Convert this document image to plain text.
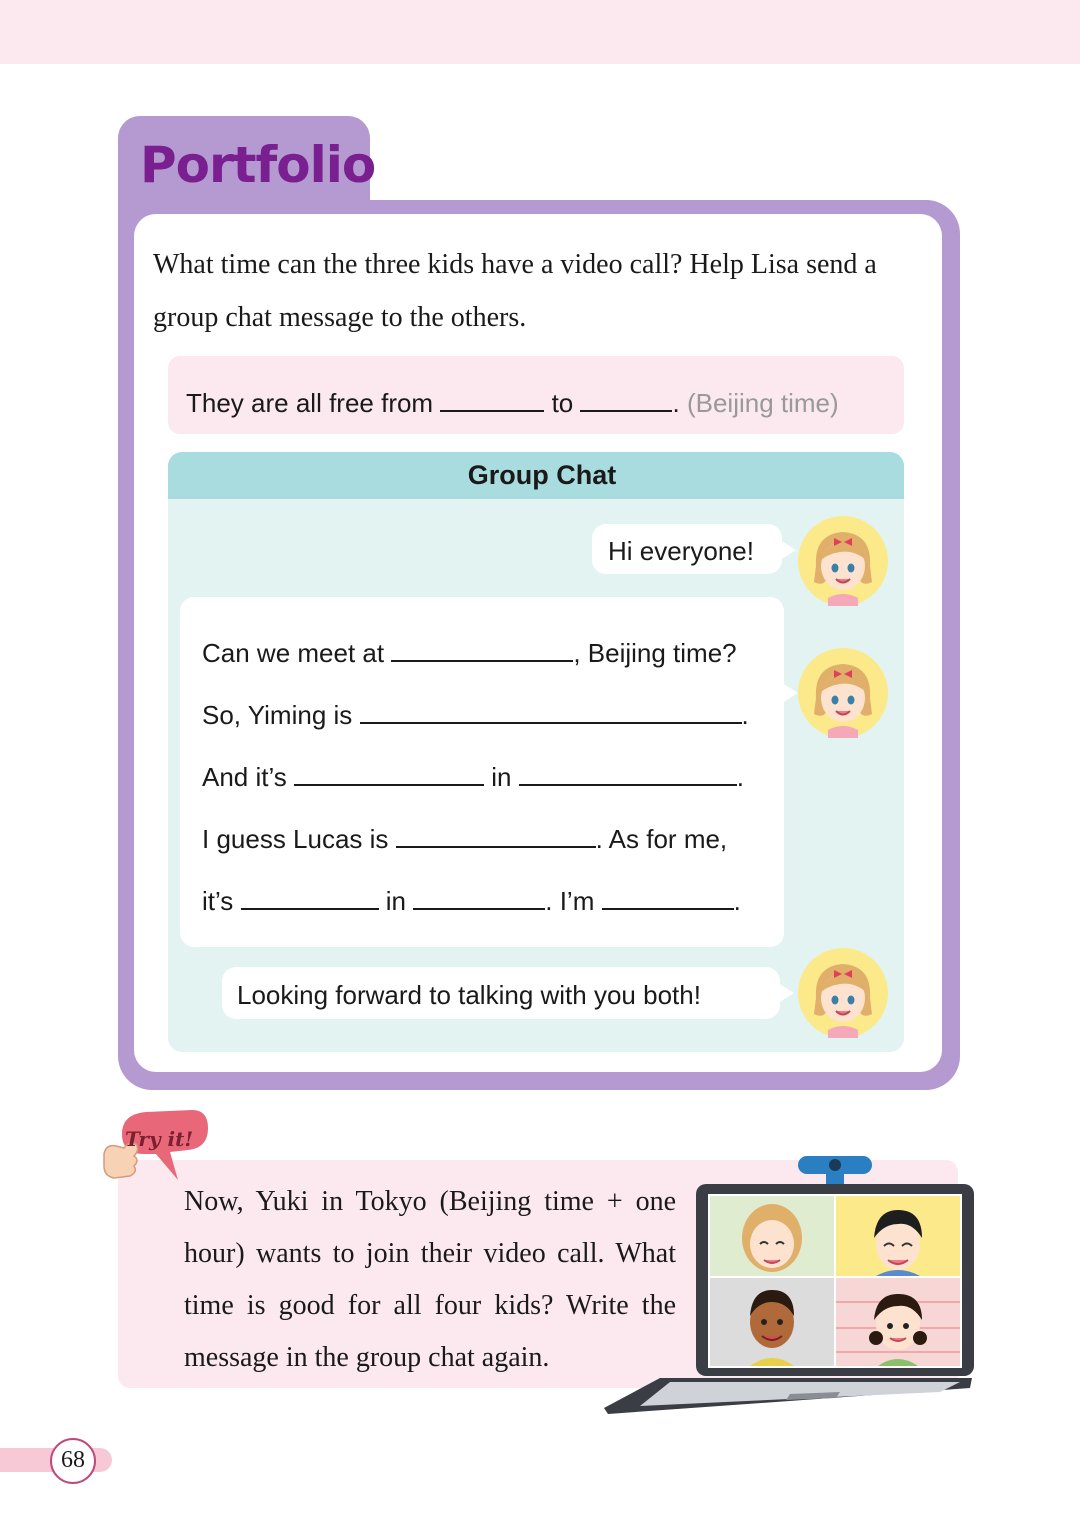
Portfolio
What time can the three kids have a video call? Help Lisa send a group chat message to the others.
They are all free from	to	. (Beijing time)
Group Chat
Hi everyone!
Can we meet at	, Beijing time?
So, Yiming is	.
And it’s	in	.
I guess Lucas is	. As for me,
it’s	in	. I’m	.
Looking forward to talking with you both!
Try it!
Now, Yuki in Tokyo (Beijing time + one hour) wants to join their video call. What time is good for all four kids? Write the message in the group chat again.
68
